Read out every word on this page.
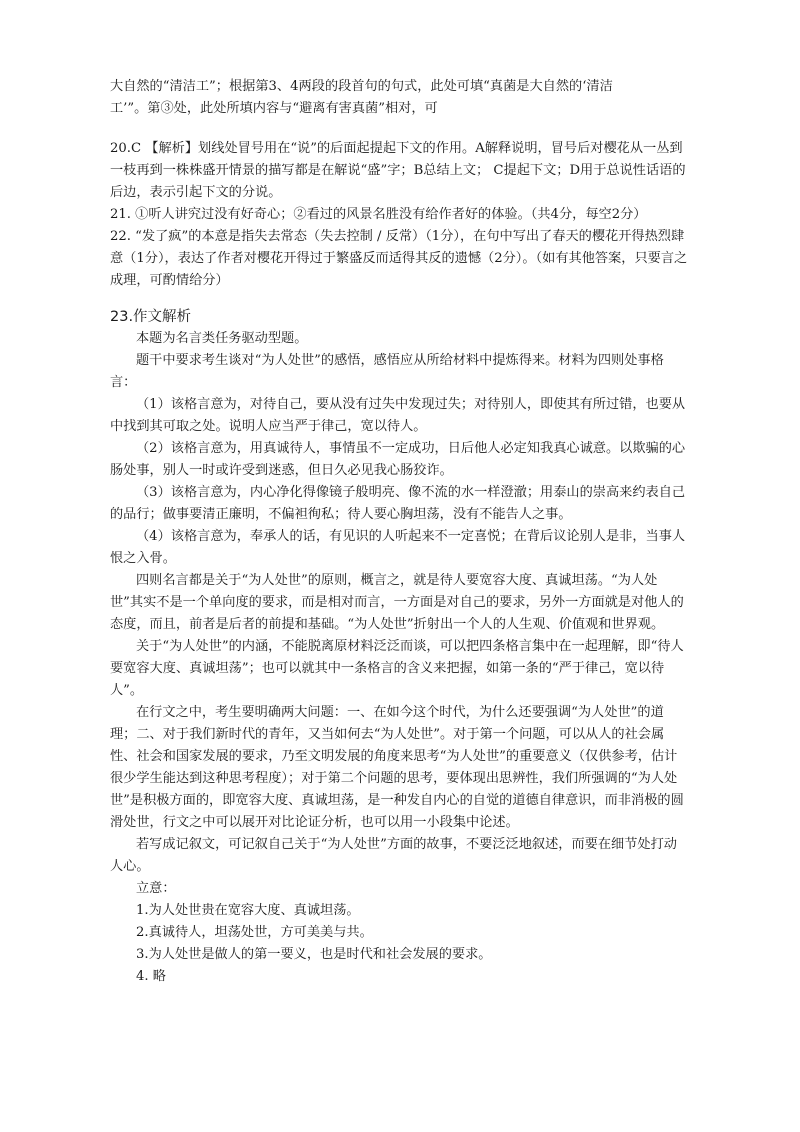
大自然的“清洁工”；根据第3、4两段的段首句的句式，此处可填“真菌是大自然的‘清洁

工’”。第③处，此处所填内容与“避离有害真菌”相对，可

20.C 【解析】划线处冒号用在“说”的后面起提起下文的作用。A解释说明，冒号后对樱花从一丛到一枝再到一株株盛开情景的描写都是在解说“盛”字；B总结上文； C提起下文；D用于总说性话语的后边，表示引起下文的分说。

21. ①听人讲究过没有好奇心；②看过的风景名胜没有给作者好的体验。（共4分，每空2分）

22. “发了疯”的本意是指失去常态（失去控制 / 反常）（1分），在句中写出了春天的樱花开得热烈肆意（1分），表达了作者对樱花开得过于繁盛反而适得其反的遗憾（2分）。（如有其他答案，只要言之成理，可酌情给分）

23.作文解析

本题为名言类任务驱动型题。

题干中要求考生谈对“为人处世”的感悟，感悟应从所给材料中提炼得来。材料为四则处事格言：

（1）该格言意为，对待自己，要从没有过失中发现过失；对待别人，即使其有所过错，也要从中找到其可取之处。说明人应当严于律己，宽以待人。

（2）该格言意为，用真诚待人，事情虽不一定成功，日后他人必定知我真心诚意。以欺骗的心肠处事，别人一时或许受到迷惑，但日久必见我心肠狡诈。

（3）该格言意为，内心净化得像镜子般明亮、像不流的水一样澄澈；用泰山的崇高来约表自己的品行；做事要清正廉明，不偏袒徇私；待人要心胸坦荡，没有不能告人之事。

（4）该格言意为，奉承人的话，有见识的人听起来不一定喜悦；在背后议论别人是非，当事人恨之入骨。

四则名言都是关于“为人处世”的原则，概言之，就是待人要宽容大度、真诚坦荡。“为人处世”其实不是一个单向度的要求，而是相对而言，一方面是对自己的要求，另外一方面就是对他人的态度，而且，前者是后者的前提和基础。“为人处世”折射出一个人的人生观、价值观和世界观。

关于“为人处世”的内涵，不能脱离原材料泛泛而谈，可以把四条格言集中在一起理解，即“待人要宽容大度、真诚坦荡”；也可以就其中一条格言的含义来把握，如第一条的“严于律己，宽以待人”。

在行文之中，考生要明确两大问题：一、在如今这个时代，为什么还要强调“为人处世”的道理；二、对于我们新时代的青年，又当如何去“为人处世”。对于第一个问题，可以从人的社会属性、社会和国家发展的要求，乃至文明发展的角度来思考“为人处世”的重要意义（仅供参考，估计很少学生能达到这种思考程度）；对于第二个问题的思考，要体现出思辨性，我们所强调的“为人处世”是积极方面的，即宽容大度、真诚坦荡，是一种发自内心的自觉的道德自律意识，而非消极的圆滑处世，行文之中可以展开对比论证分析，也可以用一小段集中论述。

若写成记叙文，可记叙自己关于“为人处世”方面的故事，不要泛泛地叙述，而要在细节处打动人心。

立意：

1.为人处世贵在宽容大度、真诚坦荡。

2.真诚待人，坦荡处世，方可美美与共。

3.为人处世是做人的第一要义，也是时代和社会发展的要求。

4. 略
